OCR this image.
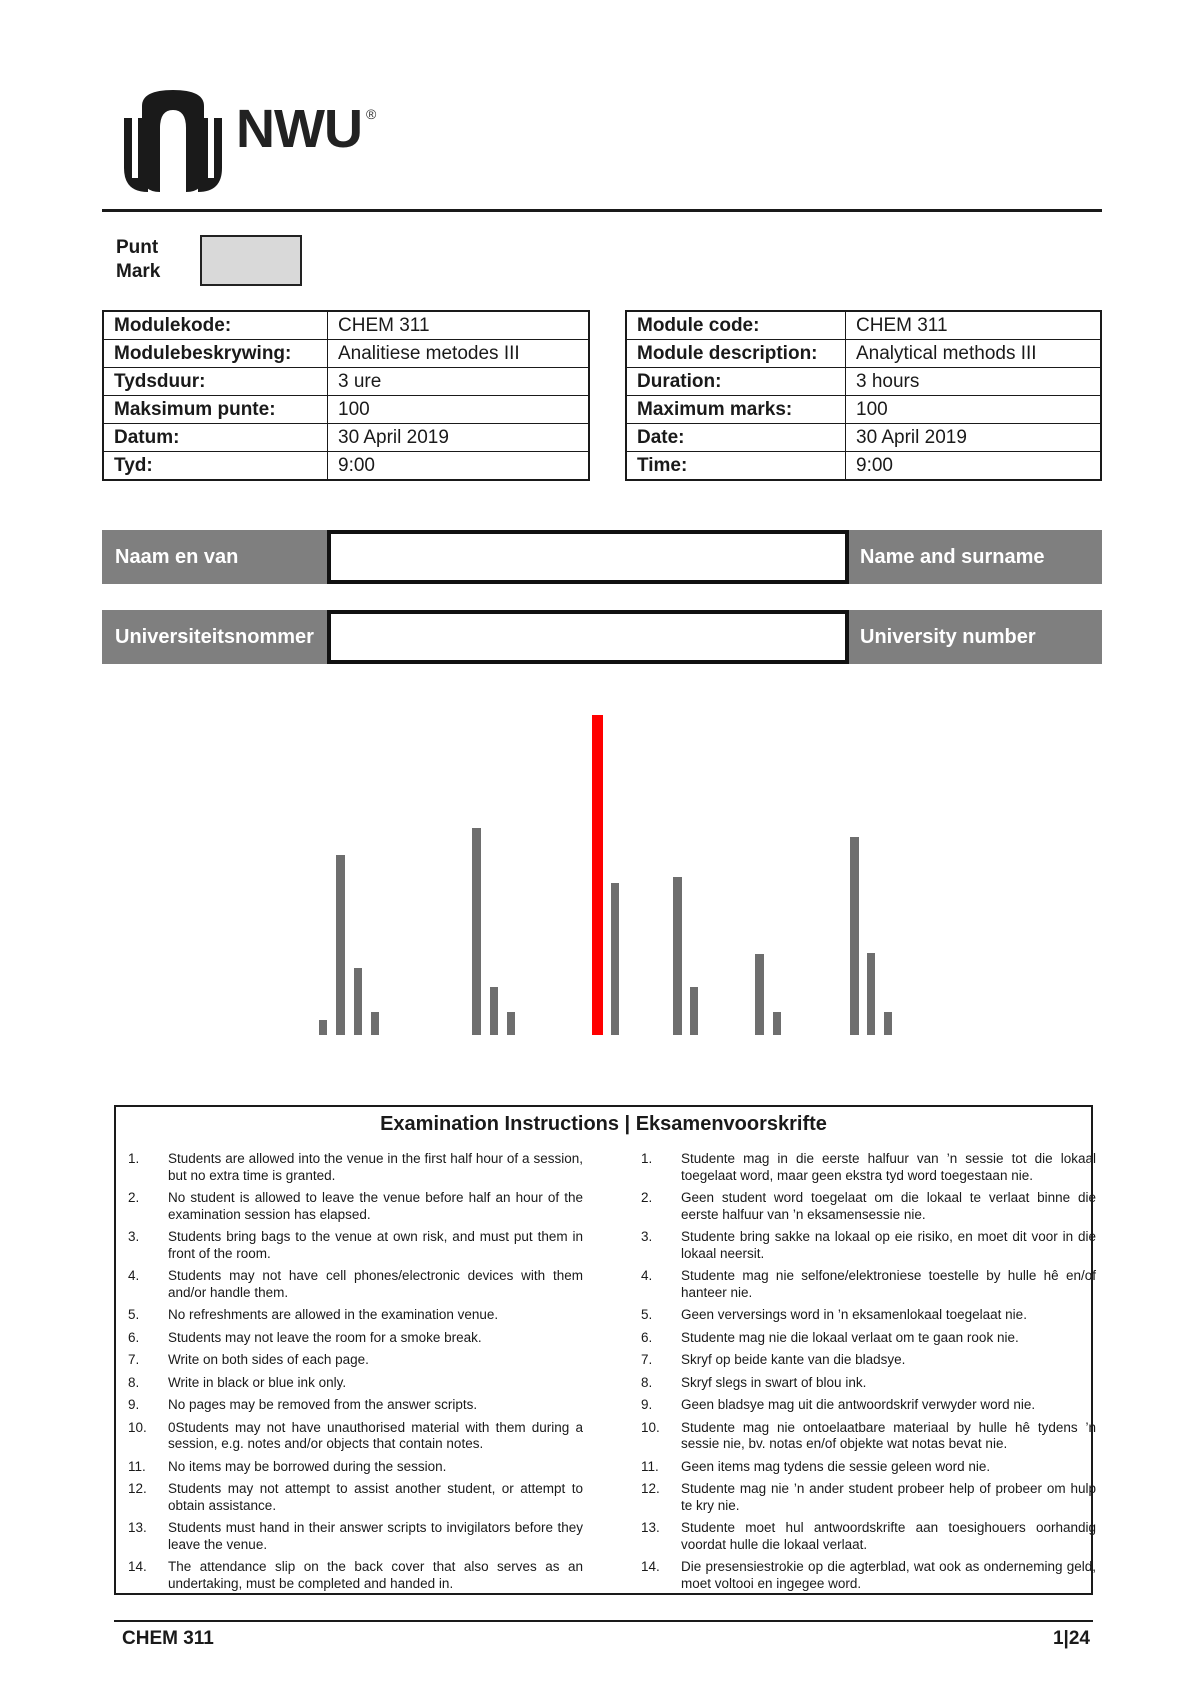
NWU ®
Punt
Mark
Modulekode:	CHEM 311
Modulebeskrywing:	Analitiese metodes III
Tydsduur:	3 ure
Maksimum punte:	100
Datum:	30 April 2019
Tyd:	9:00
Module code:	CHEM 311
Module description:	Analytical methods III
Duration:	3 hours
Maximum marks:	100
Date:	30 April 2019
Time:	9:00
Naam en van	Name and surname
Universiteitsnommer	University number
Examination Instructions | Eksamenvoorskrifte
1. Students are allowed into the venue in the first half hour of a session, but no extra time is granted.
2. No student is allowed to leave the venue before half an hour of the examination session has elapsed.
3. Students bring bags to the venue at own risk, and must put them in front of the room.
4. Students may not have cell phones/electronic devices with them and/or handle them.
5. No refreshments are allowed in the examination venue.
6. Students may not leave the room for a smoke break.
7. Write on both sides of each page.
8. Write in black or blue ink only.
9. No pages may be removed from the answer scripts.
10. 0Students may not have unauthorised material with them during a session, e.g. notes and/or objects that contain notes.
11. No items may be borrowed during the session.
12. Students may not attempt to assist another student, or attempt to obtain assistance.
13. Students must hand in their answer scripts to invigilators before they leave the venue.
14. The attendance slip on the back cover that also serves as an undertaking, must be completed and handed in.
1. Studente mag in die eerste halfuur van ’n sessie tot die lokaal toegelaat word, maar geen ekstra tyd word toegestaan nie.
2. Geen student word toegelaat om die lokaal te verlaat binne die eerste halfuur van ’n eksamensessie nie.
3. Studente bring sakke na lokaal op eie risiko, en moet dit voor in die lokaal neersit.
4. Studente mag nie selfone/elektroniese toestelle by hulle hê en/of hanteer nie.
5. Geen verversings word in ’n eksamenlokaal toegelaat nie.
6. Studente mag nie die lokaal verlaat om te gaan rook nie.
7. Skryf op beide kante van die bladsye.
8. Skryf slegs in swart of blou ink.
9. Geen bladsye mag uit die antwoordskrif verwyder word nie.
10. Studente mag nie ontoelaatbare materiaal by hulle hê tydens ’n sessie nie, bv. notas en/of objekte wat notas bevat nie.
11. Geen items mag tydens die sessie geleen word nie.
12. Studente mag nie ’n ander student probeer help of probeer om hulp te kry nie.
13. Studente moet hul antwoordskrifte aan toesighouers oorhandig voordat hulle die lokaal verlaat.
14. Die presensiestrokie op die agterblad, wat ook as onderneming geld, moet voltooi en ingegee word.
CHEM 311	1|24
